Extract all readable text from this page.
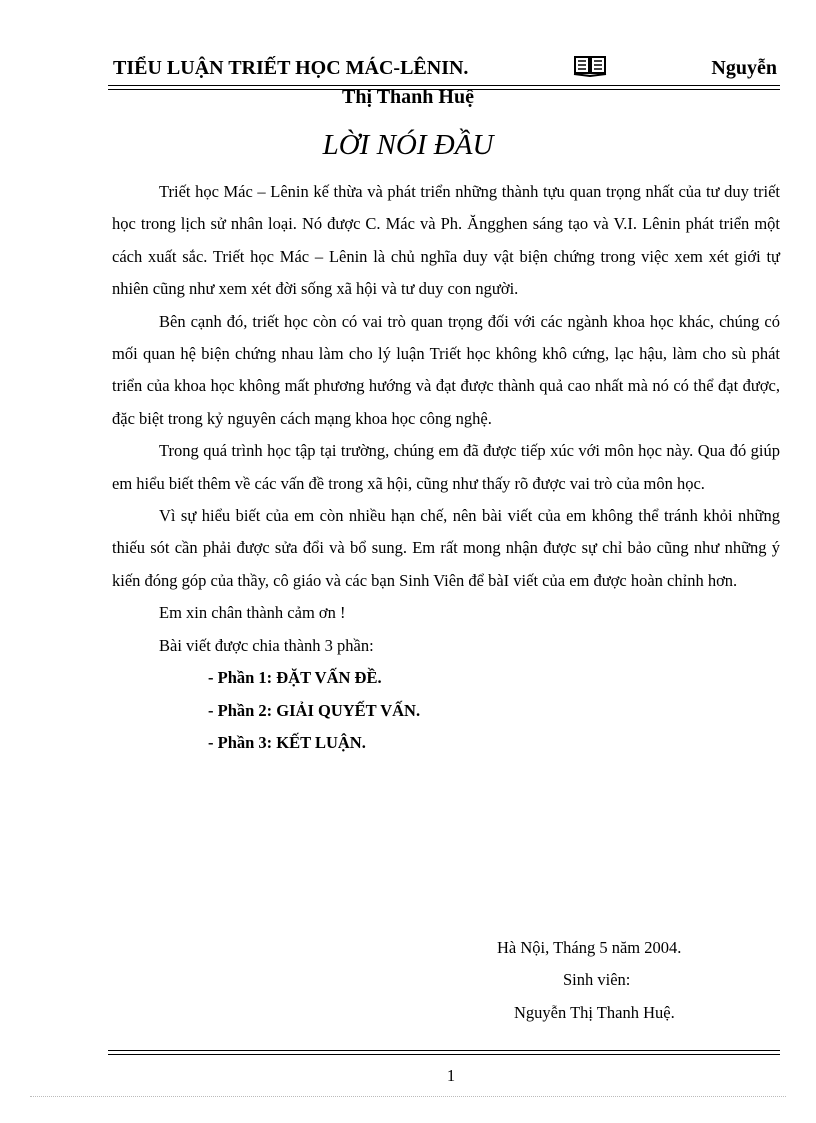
TIỂU LUẬN TRIẾT HỌC MÁC-LÊNIN.	Nguyễn
Thị Thanh Huệ
LỜI NÓI ĐẦU

Triết học Mác – Lênin kế thừa và phát triển những thành tựu quan trọng nhất của tư duy triết học trong lịch sử nhân loại. Nó được C. Mác và Ph. Ăngghen sáng tạo và V.I. Lênin phát triển một cách xuất sắc. Triết học Mác – Lênin là chủ nghĩa duy vật biện chứng trong việc xem xét giới tự nhiên cũng như xem xét đời sống xã hội và tư duy con người.

Bên cạnh đó, triết học còn có vai trò quan trọng đối với các ngành khoa học khác, chúng có mối quan hệ biện chứng nhau làm cho lý luận Triết học không khô cứng, lạc hậu, làm cho sù phát triển của khoa học không mất phương hướng và đạt được thành quả cao nhất mà nó có thể đạt được, đặc biệt trong kỷ nguyên cách mạng khoa học công nghệ.

Trong quá trình học tập tại trường, chúng em đã được tiếp xúc với môn học này. Qua đó giúp em hiểu biết thêm về các vấn đề trong xã hội, cũng như thấy rõ được vai trò của môn học.

Vì sự hiểu biết của em còn nhiều hạn chế, nên bài viết của em không thể tránh khỏi những thiếu sót cần phải được sửa đổi và bổ sung. Em rất mong nhận được sự chỉ bảo cũng như những ý kiến đóng góp của thầy, cô giáo và các bạn Sinh Viên để bàI viết của em được hoàn chỉnh hơn.

Em xin chân thành cảm ơn !

Bài viết được chia thành 3 phần:

- Phần 1: ĐẶT VẤN ĐỀ.
- Phần 2: GIẢI QUYẾT VẤN.
- Phần 3: KẾT LUẬN.
Hà Nội, Tháng 5 năm 2004.
Sinh viên:
Nguyễn Thị Thanh Huệ.
1
